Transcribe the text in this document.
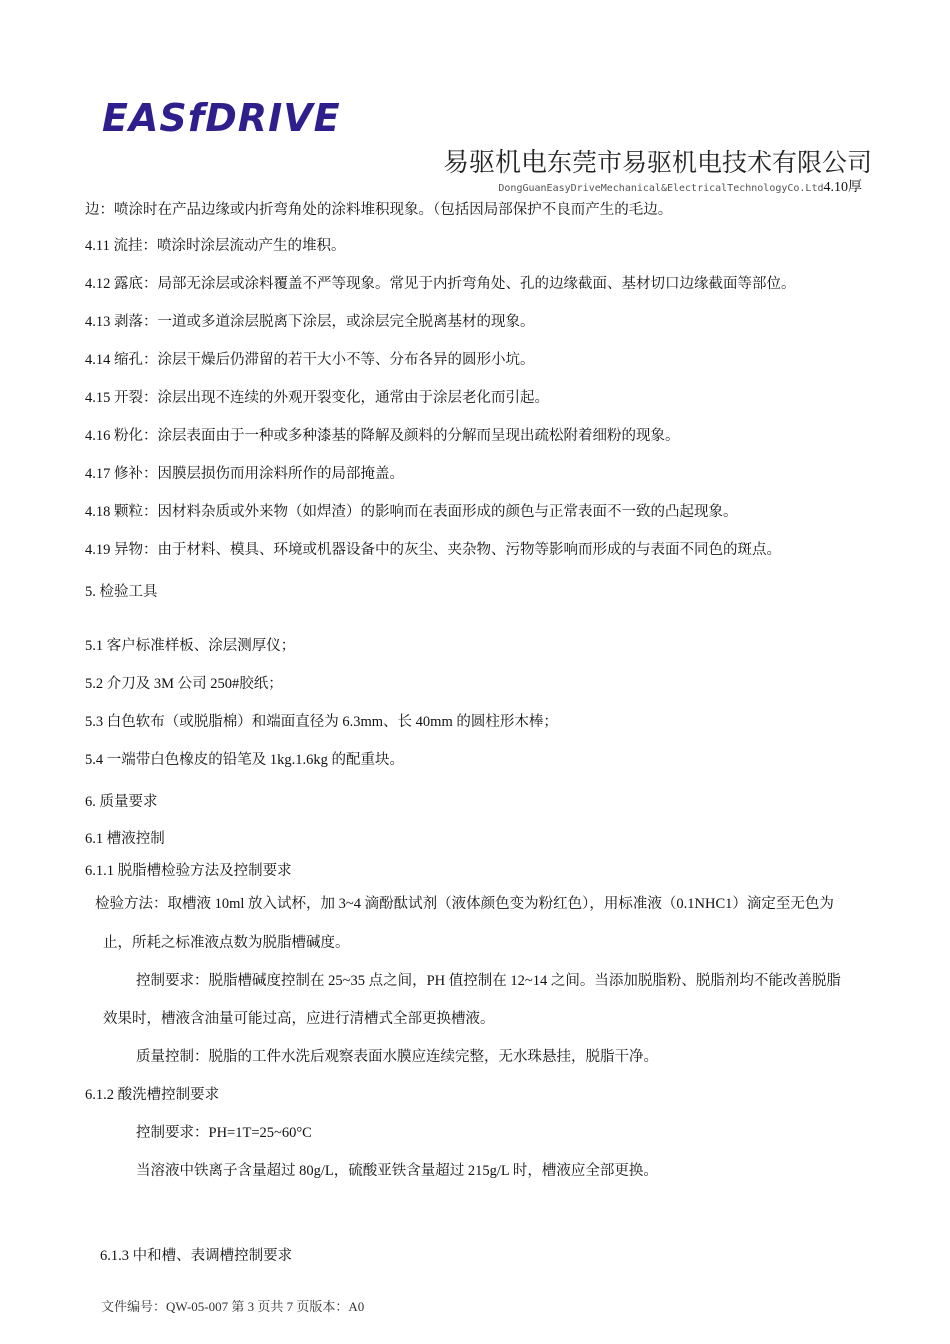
EASfDRIVE
易驱机电东莞市易驱机电技术有限公司
DongGuanEasyDriveMechanical&ElectricalTechnologyCo.Ltd4.10厚
边：喷涂时在产品边缘或内折弯角处的涂料堆积现象。（包括因局部保护不良而产生的毛边。
4.11 流挂：喷涂时涂层流动产生的堆积。
4.12 露底：局部无涂层或涂料覆盖不严等现象。常见于内折弯角处、孔的边缘截面、基材切口边缘截面等部位。
4.13 剥落：一道或多道涂层脱离下涂层，或涂层完全脱离基材的现象。
4.14 缩孔：涂层干燥后仍滞留的若干大小不等、分布各异的圆形小坑。
4.15 开裂：涂层出现不连续的外观开裂变化，通常由于涂层老化而引起。
4.16 粉化：涂层表面由于一种或多种漆基的降解及颜料的分解而呈现出疏松附着细粉的现象。
4.17 修补：因膜层损伤而用涂料所作的局部掩盖。
4.18 颗粒：因材料杂质或外来物（如焊渣）的影响而在表面形成的颜色与正常表面不一致的凸起现象。
4.19 异物：由于材料、模具、环境或机器设备中的灰尘、夹杂物、污物等影响而形成的与表面不同色的斑点。
5. 检验工具
5.1 客户标准样板、涂层测厚仪；
5.2 介刀及 3M 公司 250#胶纸；
5.3 白色软布（或脱脂棉）和端面直径为 6.3mm、长 40mm 的圆柱形木棒；
5.4 一端带白色橡皮的铅笔及 1kg.1.6kg 的配重块。
6. 质量要求
6.1 槽液控制
6.1.1 脱脂槽检验方法及控制要求
检验方法：取槽液 10ml 放入试杯，加 3~4 滴酚酞试剂（液体颜色变为粉红色），用标准液（0.1NHC1）滴定至无色为
止，所耗之标准液点数为脱脂槽碱度。
控制要求：脱脂槽碱度控制在 25~35 点之间，PH 值控制在 12~14 之间。当添加脱脂粉、脱脂剂均不能改善脱脂
效果时，槽液含油量可能过高，应进行清槽式全部更换槽液。
质量控制：脱脂的工件水洗后观察表面水膜应连续完整，无水珠悬挂，脱脂干净。
6.1.2 酸洗槽控制要求
控制要求：PH=1T=25~60°C
当溶液中铁离子含量超过 80g/L，硫酸亚铁含量超过 215g/L 时，槽液应全部更换。
6.1.3 中和槽、表调槽控制要求
文件编号：QW-05-007 第 3 页共 7 页版本：A0
